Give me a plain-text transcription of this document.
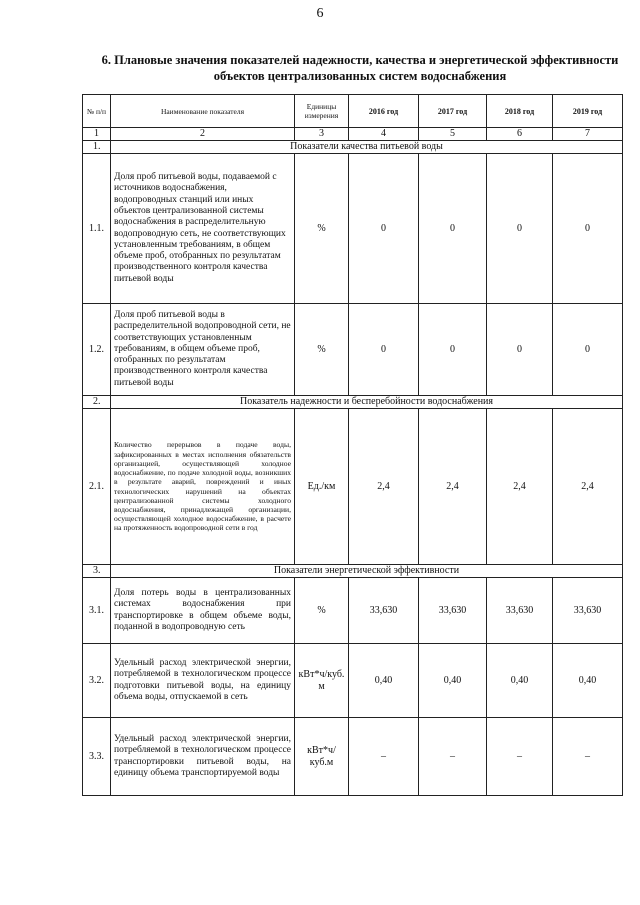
6
6. Плановые значения показателей надежности, качества и энергетической эффективности объектов централизованных систем водоснабжения
№ п/п	Наименование показателя	Единицы измерения	2016 год	2017 год	2018 год	2019 год
1	2	3	4	5	6	7
1.	Показатели качества питьевой воды					
1.1.	Доля проб питьевой воды, подаваемой с источников водоснабжения, водопроводных станций или иных объектов централизованной системы водоснабжения в распределительную водопроводную сеть, не соответствующих установленным требованиям, в общем объеме проб, отобранных по результатам производственного контроля качества питьевой воды	%	0	0	0	0
1.2.	Доля проб питьевой воды в распределительной водопроводной сети, не соответствующих установленным требованиям, в общем объеме проб, отобранных по результатам производственного контроля качества питьевой воды	%	0	0	0	0
2.	Показатель надежности и бесперебойности водоснабжения					
2.1.	Количество перерывов в подаче воды, зафиксированных в местах исполнения обязательств организацией, осуществляющей холодное водоснабжение, по подаче холодной воды, возникших в результате аварий, повреждений и иных технологических нарушений на объектах централизованной системы холодного водоснабжения, принадлежащей организации, осуществляющей холодное водоснабжение, в расчете на протяженность водопроводной сети в год	Ед./км	2,4	2,4	2,4	2,4
3.	Показатели энергетической эффективности					
3.1.	Доля потерь воды в централизованных системах водоснабжения при транспортировке в общем объеме воды, поданной в водопроводную сеть	%	33,630	33,630	33,630	33,630
3.2.	Удельный расход электрической энергии, потребляемой в технологическом процессе подготовки питьевой воды, на единицу объема воды, отпускаемой в сеть	кВт*ч/куб. м	0,40	0,40	0,40	0,40
3.3.	Удельный расход электрической энергии, потребляемой в технологическом процессе транспортировки питьевой воды, на единицу объема транспортируемой воды	кВт*ч/куб.м	–	–	–	–
